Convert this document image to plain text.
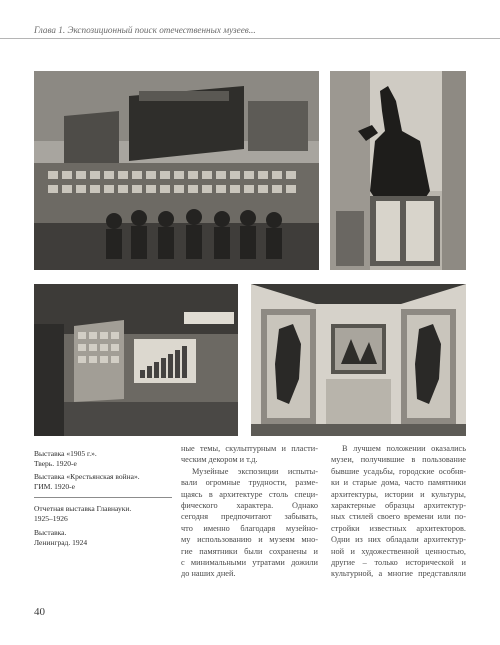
Глава 1. Экспозиционный поиск отечественных музеев...
Выставка «1905 г.».
Тверь. 1920-е
Выставка «Крестьянская война».
ГИМ. 1920-е
Отчетная выставка Главнауки.
1925–1926
Выставка.
Ленинград. 1924
ные темы, скульптурным и пласти-
ческим декором и т.д.
Музейные экспозиции испыты-
вали огромные трудности, разме-
щаясь в архитектуре столь специ-
фического характера. Однако
сегодня предпочитают забывать,
что именно благодаря музейно-
му использованию и музеям мно-
гие памятники были сохранены и
с минимальными утратами дожили
до наших дней.
В лучшем положении оказались
музеи, получившие в пользование
бывшие усадьбы, городские особня-
ки и старые дома, часто памятники
архитектуры, истории и культуры,
характерные образцы архитектур-
ных стилей своего времени или по-
стройки известных архитекторов.
Одни из них обладали архитектур-
ной и художественной ценностью,
другие – только исторической и
культурной, а многие представляли
40
